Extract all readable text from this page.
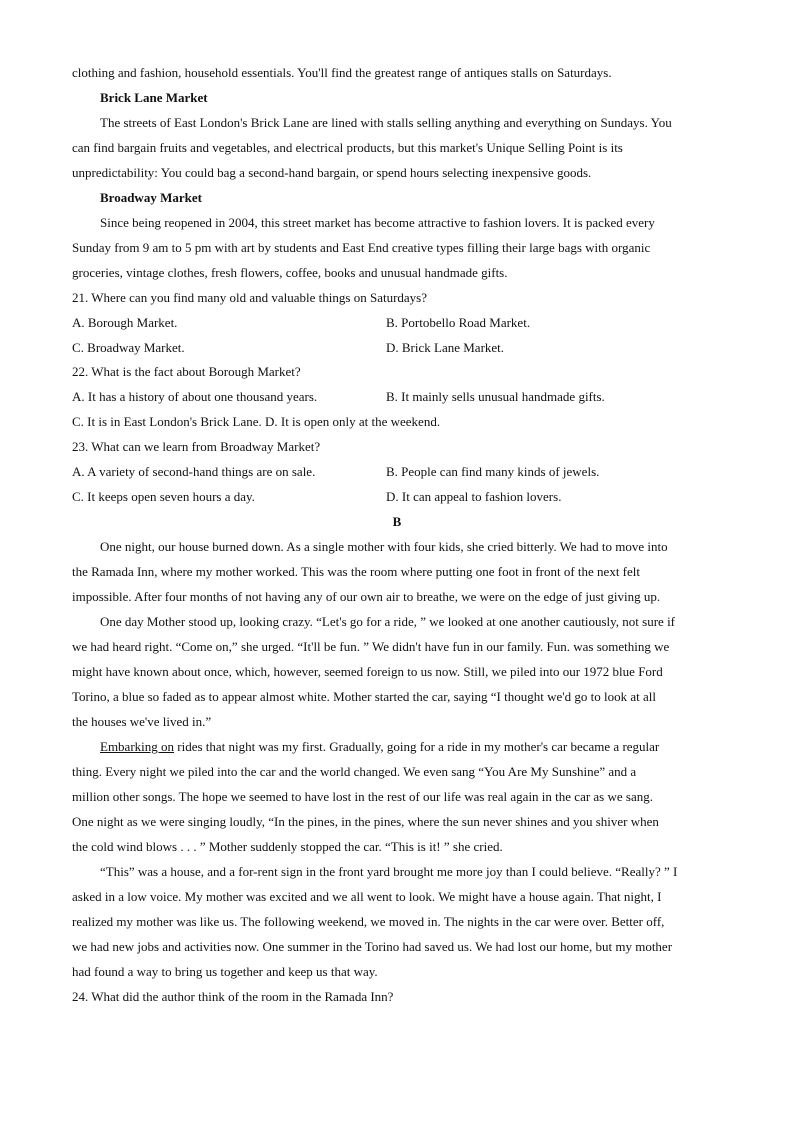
clothing and fashion, household essentials. You'll find the greatest range of antiques stalls on Saturdays.
Brick Lane Market
The streets of East London's Brick Lane are lined with stalls selling anything and everything on Sundays. You
can find bargain fruits and vegetables, and electrical products, but this market's Unique Selling Point is its
unpredictability: You could bag a second-hand bargain, or spend hours selecting inexpensive goods.
Broadway Market
Since being reopened in 2004, this street market has become attractive to fashion lovers. It is packed every
Sunday from 9 am to 5 pm with art by students and East End creative types filling their large bags with organic
groceries, vintage clothes, fresh flowers, coffee, books and unusual handmade gifts.
21. Where can you find many old and valuable things on Saturdays?
A. Borough Market.	B. Portobello Road Market.
C. Broadway Market.	D. Brick Lane Market.
22. What is the fact about Borough Market?
A. It has a history of about one thousand years.	B. It mainly sells unusual handmade gifts.
C. It is in East London's Brick Lane. D. It is open only at the weekend.
23. What can we learn from Broadway Market?
A. A variety of second-hand things are on sale.	B. People can find many kinds of jewels.
C. It keeps open seven hours a day.	D. It can appeal to fashion lovers.
B
One night, our house burned down. As a single mother with four kids, she cried bitterly. We had to move into
the Ramada Inn, where my mother worked. This was the room where putting one foot in front of the next felt
impossible. After four months of not having any of our own air to breathe, we were on the edge of just giving up.
One day Mother stood up, looking crazy. “Let's go for a ride, ” we looked at one another cautiously, not sure if
we had heard right. “Come on,” she urged. “It'll be fun. ” We didn't have fun in our family. Fun. was something we
might have known about once, which, however, seemed foreign to us now. Still, we piled into our 1972 blue Ford
Torino, a blue so faded as to appear almost white. Mother started the car, saying “I thought we'd go to look at all
the houses we've lived in.”
Embarking on rides that night was my first. Gradually, going for a ride in my mother's car became a regular
thing. Every night we piled into the car and the world changed. We even sang “You Are My Sunshine” and a
million other songs. The hope we seemed to have lost in the rest of our life was real again in the car as we sang.
One night as we were singing loudly, “In the pines, in the pines, where the sun never shines and you shiver when
the cold wind blows . . . ” Mother suddenly stopped the car. “This is it! ” she cried.
“This” was a house, and a for-rent sign in the front yard brought me more joy than I could believe. “Really? ” I
asked in a low voice. My mother was excited and we all went to look. We might have a house again. That night, I
realized my mother was like us. The following weekend, we moved in. The nights in the car were over. Better off,
we had new jobs and activities now. One summer in the Torino had saved us. We had lost our home, but my mother
had found a way to bring us together and keep us that way.
24. What did the author think of the room in the Ramada Inn?
